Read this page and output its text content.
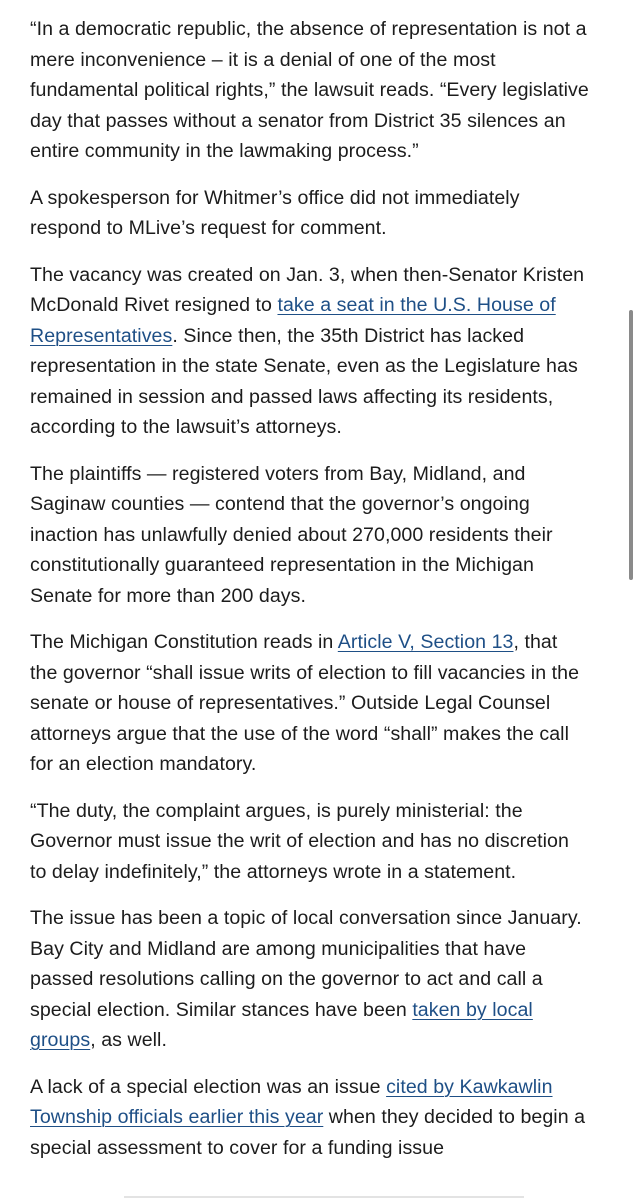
“In a democratic republic, the absence of representation is not a mere inconvenience – it is a denial of one of the most fundamental political rights,” the lawsuit reads. “Every legislative day that passes without a senator from District 35 silences an entire community in the lawmaking process.”

A spokesperson for Whitmer’s office did not immediately respond to MLive’s request for comment.

The vacancy was created on Jan. 3, when then-Senator Kristen McDonald Rivet resigned to take a seat in the U.S. House of Representatives. Since then, the 35th District has lacked representation in the state Senate, even as the Legislature has remained in session and passed laws affecting its residents, according to the lawsuit’s attorneys.

The plaintiffs — registered voters from Bay, Midland, and Saginaw counties — contend that the governor’s ongoing inaction has unlawfully denied about 270,000 residents their constitutionally guaranteed representation in the Michigan Senate for more than 200 days.

The Michigan Constitution reads in Article V, Section 13, that the governor “shall issue writs of election to fill vacancies in the senate or house of representatives.” Outside Legal Counsel attorneys argue that the use of the word “shall” makes the call for an election mandatory.

“The duty, the complaint argues, is purely ministerial: the Governor must issue the writ of election and has no discretion to delay indefinitely,” the attorneys wrote in a statement.

The issue has been a topic of local conversation since January. Bay City and Midland are among municipalities that have passed resolutions calling on the governor to act and call a special election. Similar stances have been taken by local groups, as well.

A lack of a special election was an issue cited by Kawkawlin Township officials earlier this year when they decided to begin a special assessment to cover for a funding issue
